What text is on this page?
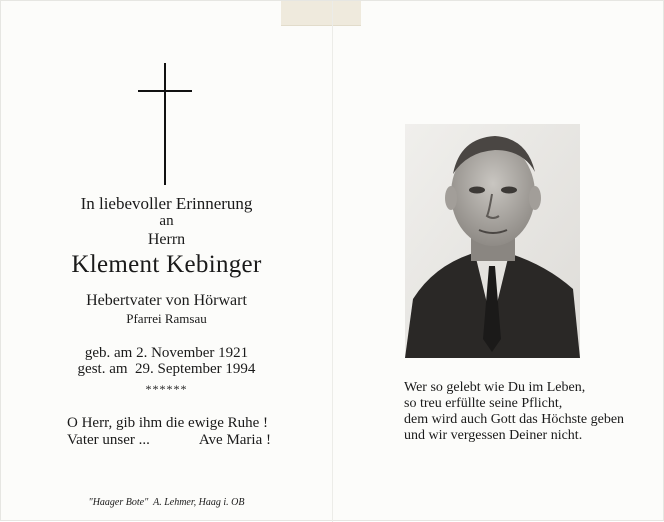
In liebevoller Erinnerung
an
Herrn
Klement Kebinger
Hebertvater von Hörwart
Pfarrei Ramsau
geb. am 2. November 1921
gest. am  29. September 1994
******
O Herr, gib ihm die ewige Ruhe !
Vater unser ...	Ave Maria !
"Haager Bote"  A. Lehmer, Haag i. OB
Wer so gelebt wie Du im Leben,
so treu erfüllte seine Pflicht,
dem wird auch Gott das Höchste geben
und wir vergessen Deiner nicht.
